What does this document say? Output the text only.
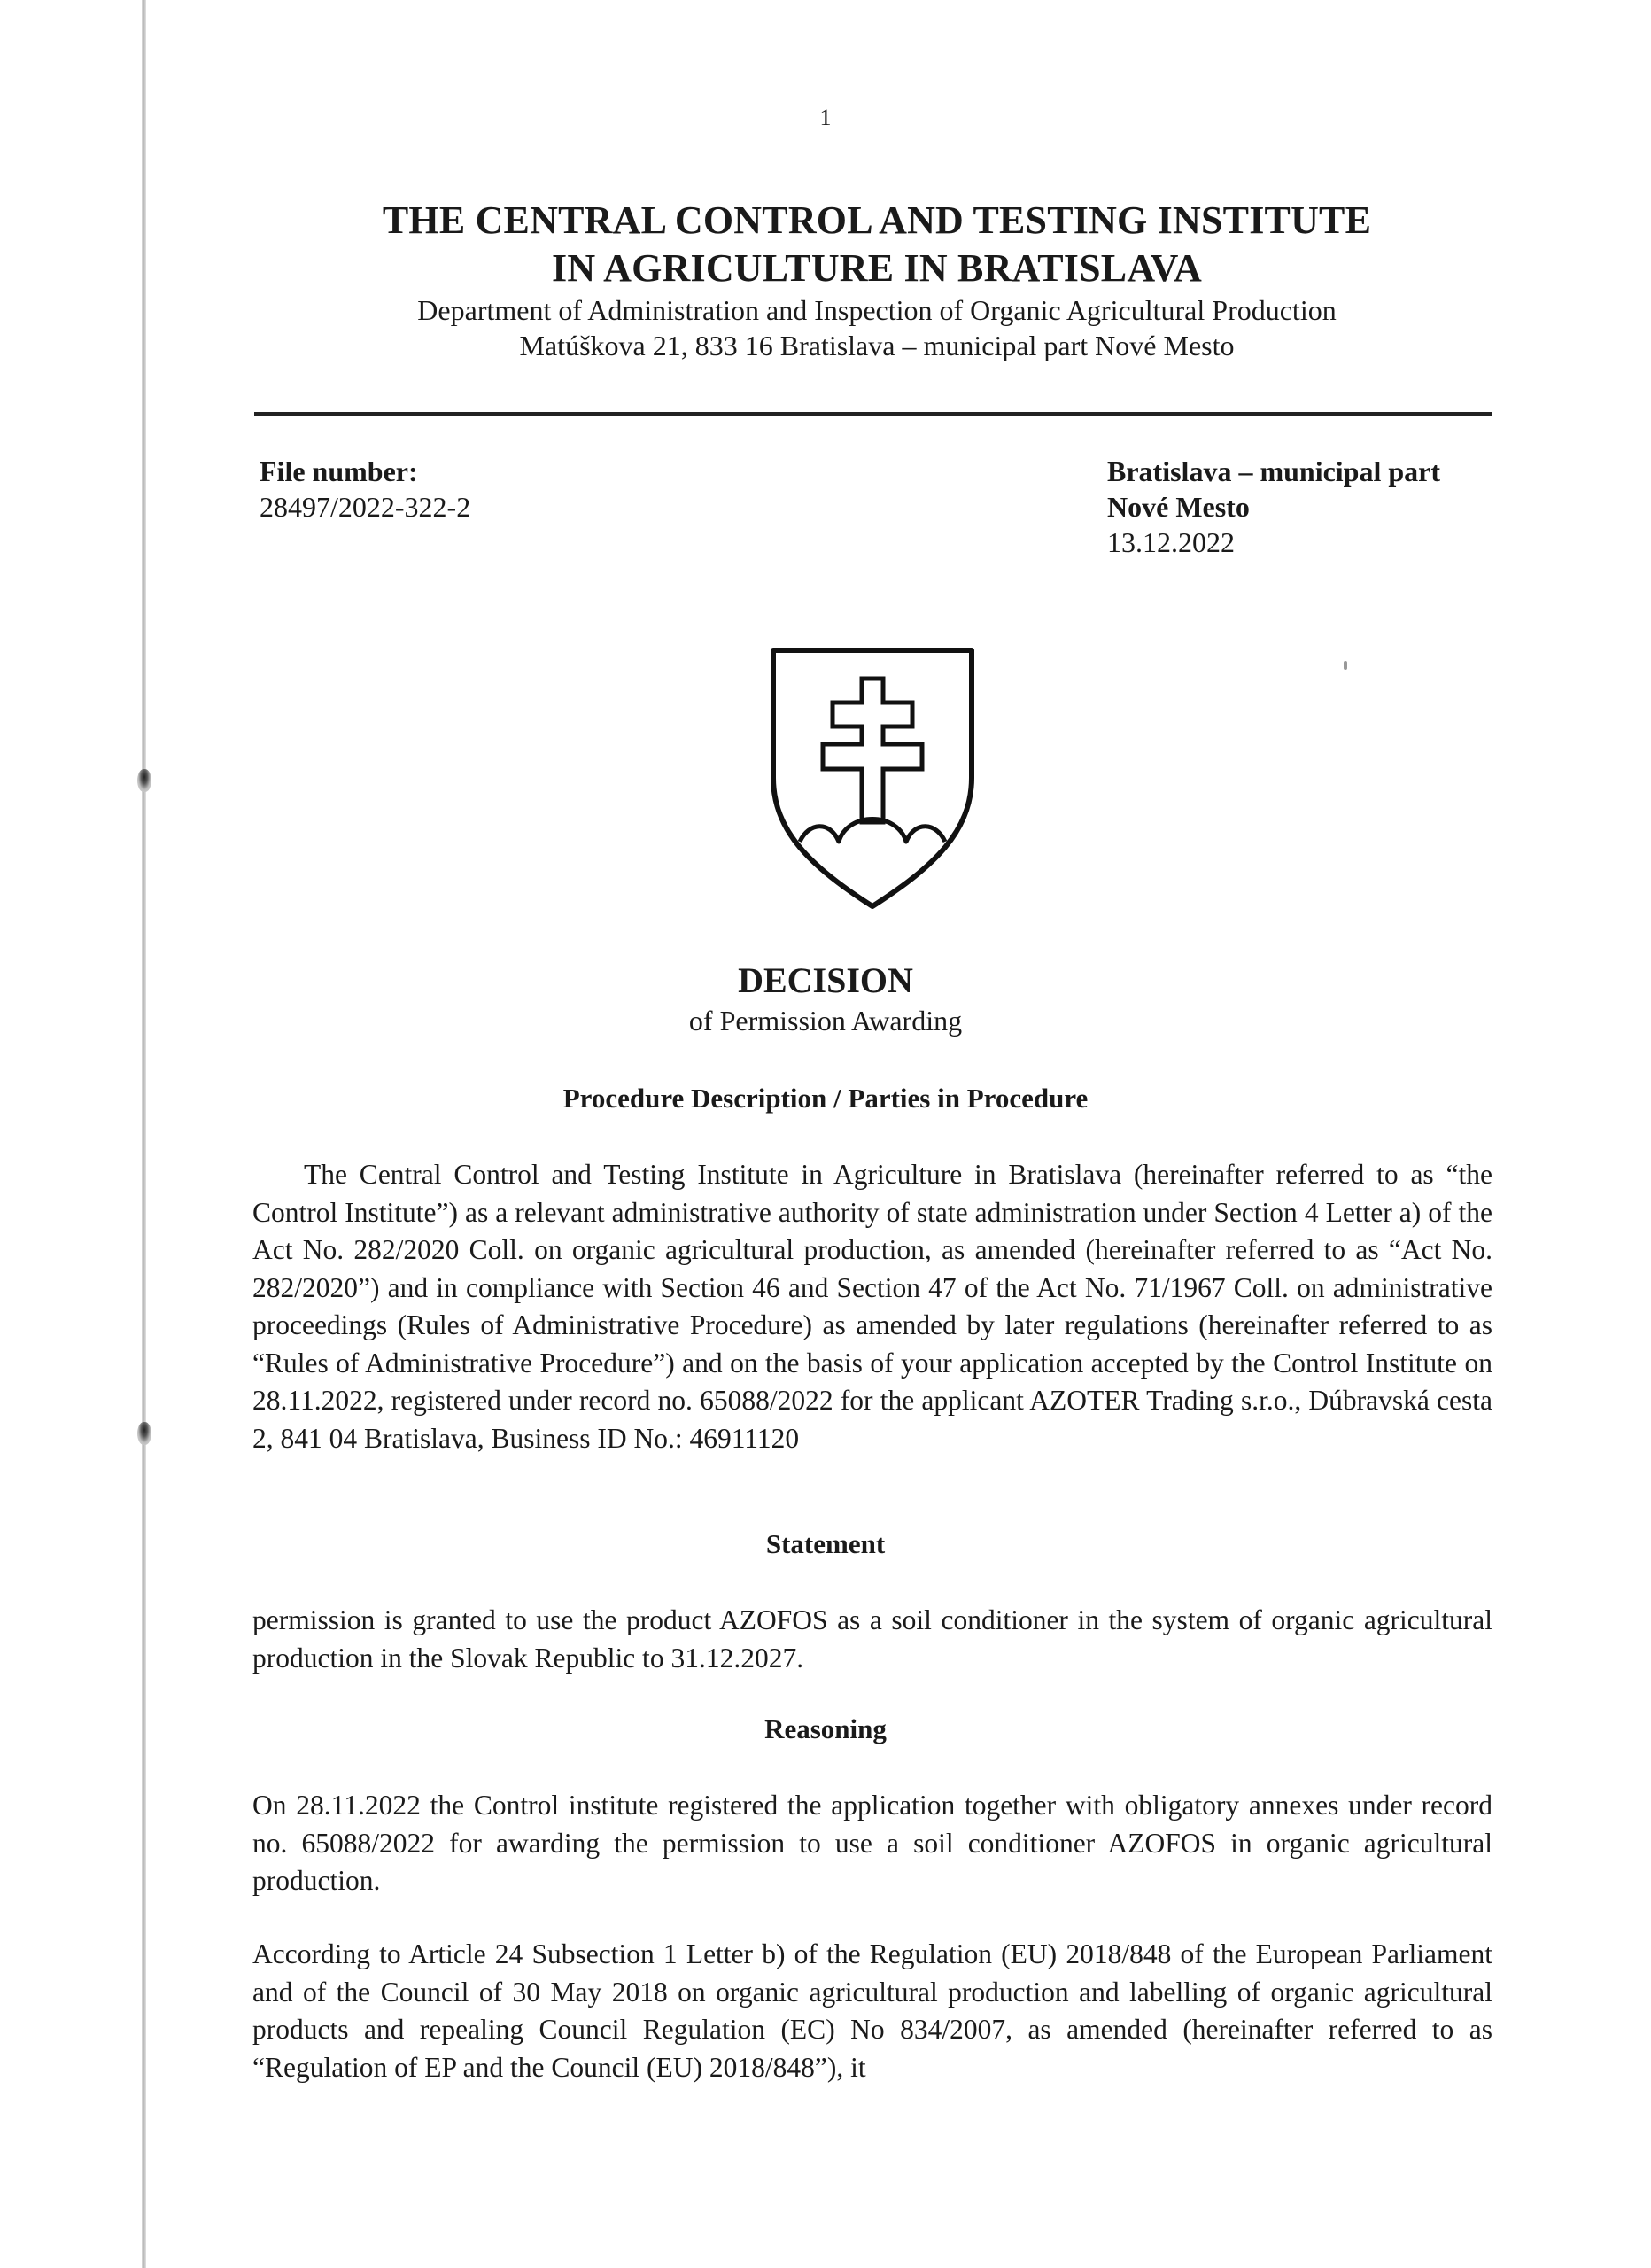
1

THE CENTRAL CONTROL AND TESTING INSTITUTE

IN AGRICULTURE IN BRATISLAVA

Department of Administration and Inspection of Organic Agricultural Production

Matúškova 21, 833 16 Bratislava – municipal part Nové Mesto

File number:
28497/2022-322-2
Bratislava – municipal part
Nové Mesto
13.12.2022

DECISION

of Permission Awarding

Procedure Description / Parties in Procedure

The Central Control and Testing Institute in Agriculture in Bratislava (hereinafter referred to as “the Control Institute”) as a relevant administrative authority of state administration under Section 4 Letter a) of the Act No. 282/2020 Coll. on organic agricultural production, as amended (hereinafter referred to as “Act No. 282/2020”) and in compliance with Section 46 and Section 47 of the Act No. 71/1967 Coll. on administrative proceedings (Rules of Administrative Procedure) as amended by later regulations (hereinafter referred to as “Rules of Administrative Procedure”) and on the basis of your application accepted by the Control Institute on 28.11.2022, registered under record no. 65088/2022 for the applicant AZOTER Trading s.r.o., Dúbravská cesta 2, 841 04 Bratislava, Business ID No.: 46911120

Statement

permission is granted to use the product AZOFOS as a soil conditioner in the system of organic agricultural production in the Slovak Republic to 31.12.2027.

Reasoning

On 28.11.2022 the Control institute registered the application together with obligatory annexes under record no. 65088/2022 for awarding the permission to use a soil conditioner AZOFOS in organic agricultural production.

According to Article 24 Subsection 1 Letter b) of the Regulation (EU) 2018/848 of the European Parliament and of the Council of 30 May 2018 on organic agricultural production and labelling of organic agricultural products and repealing Council Regulation (EC) No 834/2007, as amended (hereinafter referred to as “Regulation of EP and the Council (EU) 2018/848”), it
